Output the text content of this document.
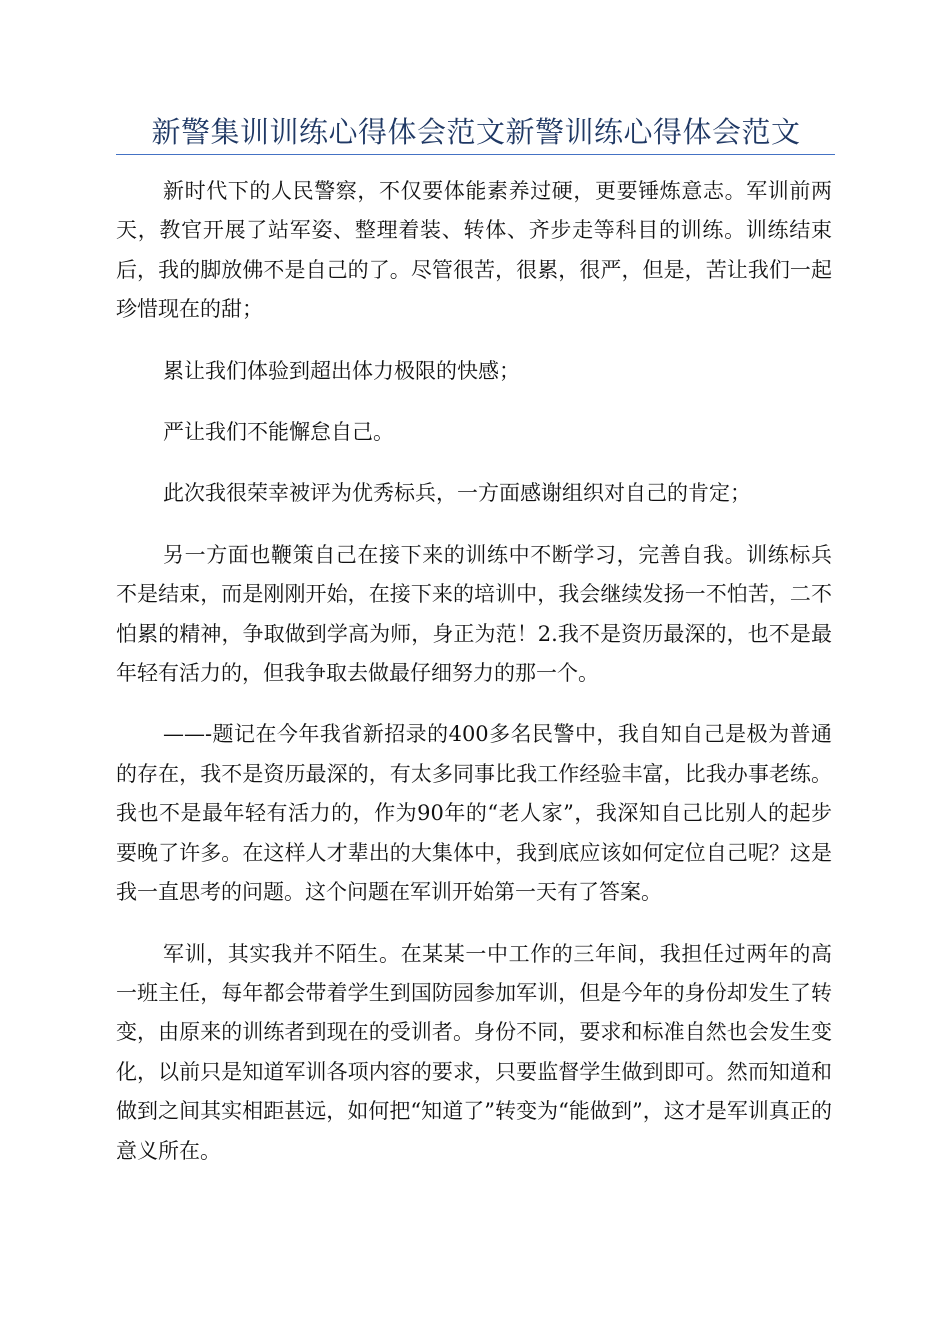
新警集训训练心得体会范文新警训练心得体会范文

新时代下的人民警察，不仅要体能素养过硬，更要锤炼意志。军训前两天，教官开展了站军姿、整理着装、转体、齐步走等科目的训练。训练结束后，我的脚放佛不是自己的了。尽管很苦，很累，很严，但是，苦让我们一起珍惜现在的甜；

累让我们体验到超出体力极限的快感；

严让我们不能懈怠自己。

此次我很荣幸被评为优秀标兵，一方面感谢组织对自己的肯定；

另一方面也鞭策自己在接下来的训练中不断学习，完善自我。训练标兵不是结束，而是刚刚开始，在接下来的培训中，我会继续发扬一不怕苦，二不怕累的精神，争取做到学高为师，身正为范！2.我不是资历最深的，也不是最年轻有活力的，但我争取去做最仔细努力的那一个。

——-题记在今年我省新招录的400多名民警中，我自知自己是极为普通的存在，我不是资历最深的，有太多同事比我工作经验丰富，比我办事老练。我也不是最年轻有活力的，作为90年的“老人家”，我深知自己比别人的起步要晚了许多。在这样人才辈出的大集体中，我到底应该如何定位自己呢？这是我一直思考的问题。这个问题在军训开始第一天有了答案。

军训，其实我并不陌生。在某某一中工作的三年间，我担任过两年的高一班主任，每年都会带着学生到国防园参加军训，但是今年的身份却发生了转变，由原来的训练者到现在的受训者。身份不同，要求和标准自然也会发生变化，以前只是知道军训各项内容的要求，只要监督学生做到即可。然而知道和做到之间其实相距甚远，如何把“知道了”转变为“能做到”，这才是军训真正的意义所在。
